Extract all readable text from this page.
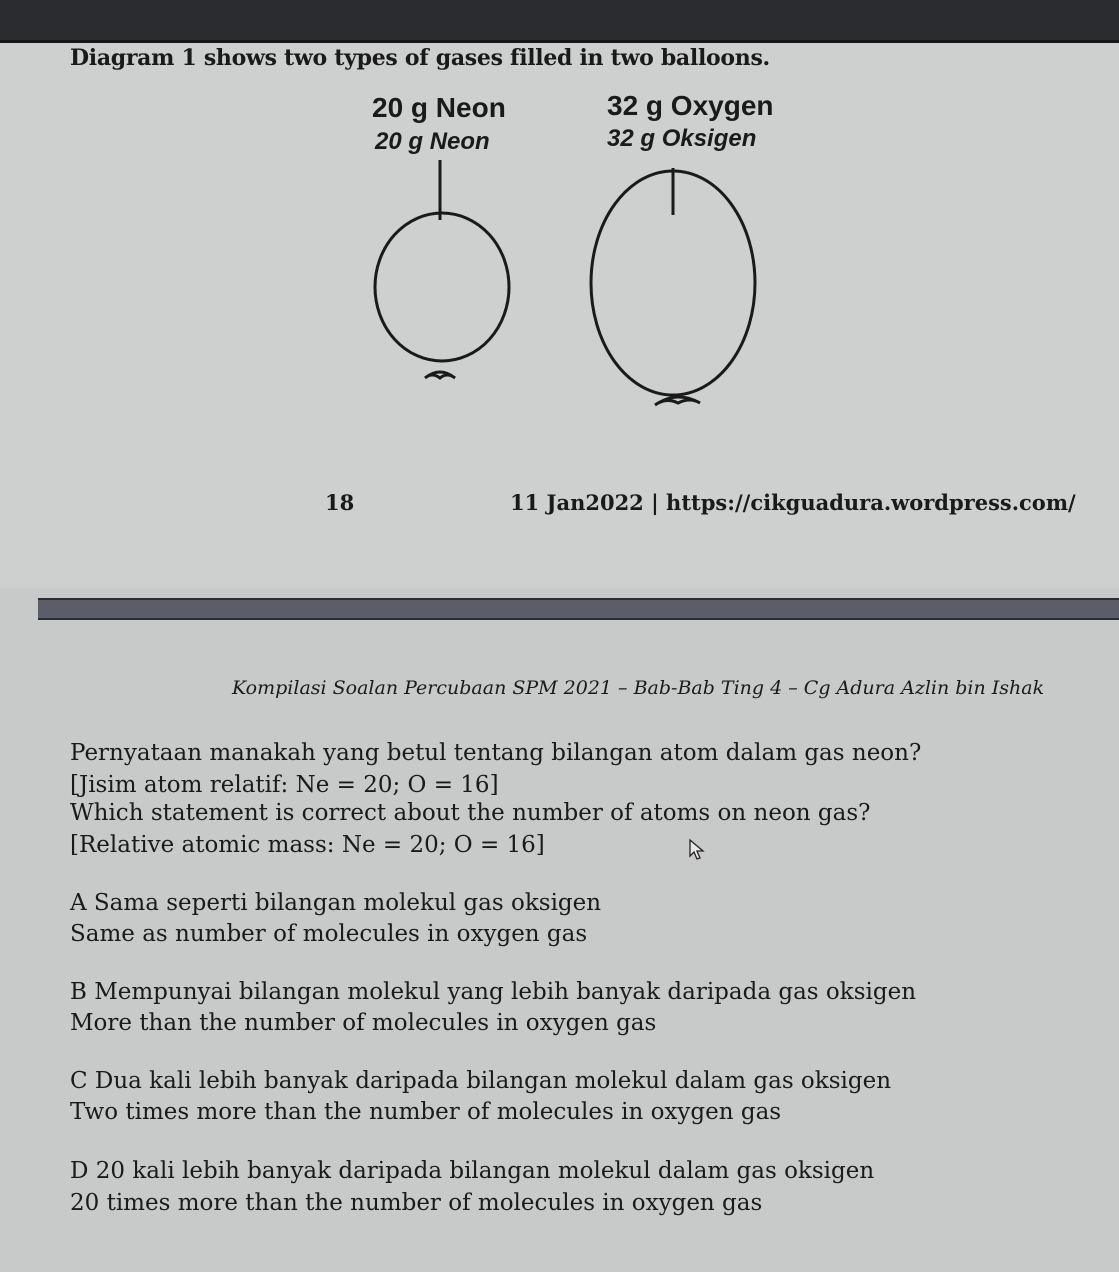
Diagram 1 shows two types of gases filled in two balloons.
20 g Neon
20 g Neon
32 g Oxygen
32 g Oksigen
18	11 Jan2022 | https://cikguadura.wordpress.com/
Kompilasi Soalan Percubaan SPM 2021 – Bab-Bab Ting 4 – Cg Adura Azlin bin Ishak
Pernyataan manakah yang betul tentang bilangan atom dalam gas neon?
[Jisim atom relatif: Ne = 20; O = 16]
Which statement is correct about the number of atoms on neon gas?
[Relative atomic mass: Ne = 20; O = 16]
A Sama seperti bilangan molekul gas oksigen
Same as number of molecules in oxygen gas
B Mempunyai bilangan molekul yang lebih banyak daripada gas oksigen
More than the number of molecules in oxygen gas
C Dua kali lebih banyak daripada bilangan molekul dalam gas oksigen
Two times more than the number of molecules in oxygen gas
D 20 kali lebih banyak daripada bilangan molekul dalam gas oksigen
20 times more than the number of molecules in oxygen gas
